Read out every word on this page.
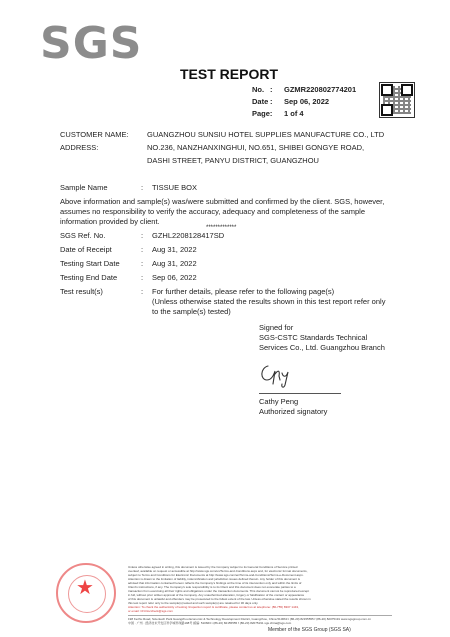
SGS
TEST REPORT
No. : GZMR220802774201
Date : Sep 06, 2022
Page: 1 of 4
CUSTOMER NAME: GUANGZHOU SUNSIU HOTEL SUPPLIES MANUFACTURE CO., LTD
ADDRESS:	NO.236, NANZHANXINGHUI, NO.651, SHIBEI GONGYE ROAD,
DASHI STREET, PANYU DISTRICT, GUANGZHOU
Sample Name	: TISSUE BOX
Above information and sample(s) was/were submitted and confirmed by the client. SGS, however,
assumes no responsibility to verify the accuracy, adequacy and completeness of the sample
information provided by client.
*************
SGS Ref. No.	: GZHL2208128417SD
Date of Receipt	: Aug 31, 2022
Testing Start Date	: Aug 31, 2022
Testing End Date	: Sep 06, 2022
Test result(s)	: For further details, please refer to the following page(s)
(Unless otherwise stated the results shown in this test report refer only
to the sample(s) tested)
Signed for
SGS-CSTC Standards Technical
Services Co., Ltd. Guangzhou Branch
Cathy Peng
Authorized signatory
★
Unless otherwise agreed in writing, this document is issued by the Company subject to its General Conditions of Service printed
overleaf, available on request or accessible at http://www.sgs.com/en/Terms-and-Conditions.aspx and, for electronic format documents,
subject to Terms and Conditions for Electronic Documents at http://www.sgs.com/en/Terms-and-Conditions/Terms-e-Document.aspx.
Attention is drawn to the limitation of liability, indemnification and jurisdiction issues defined therein. Any holder of this document is
advised that information contained hereon reflects the Company's findings at the time of its intervention only and within the limits of
Client's instructions, if any. The Company's sole responsibility is to its Client and this document does not exonerate parties to a
transaction from exercising all their rights and obligations under the transaction documents. This document cannot be reproduced except
in full, without prior written approval of the Company. Any unauthorized alteration, forgery or falsification of the content or appearance
of this document is unlawful and offenders may be prosecuted to the fullest extent of the law. Unless otherwise stated the results shown in
this test report refer only to the sample(s) tested and such sample(s) are retained for 30 days only.
Attention: To check the authenticity of testing /inspection report & certificate, please contact us at telephone: (86-755) 8307 1443,
or email: CN.Doccheck@sgs.com
198 Kezhu Road, Scientech Park Guangzhou Economic & Technology Development District, Guangzhou, China 510663 t (86-20) 82155555 f (86-20) 82075191 www.sgsgroup.com.cn
中国 · 广州 · 经济技术开发区科学城科珠路198号 邮编: 510663 t (86-20) 82155555 f (86-20) 82075191 sgs.china@sgs.com
Member of the SGS Group (SGS SA)
